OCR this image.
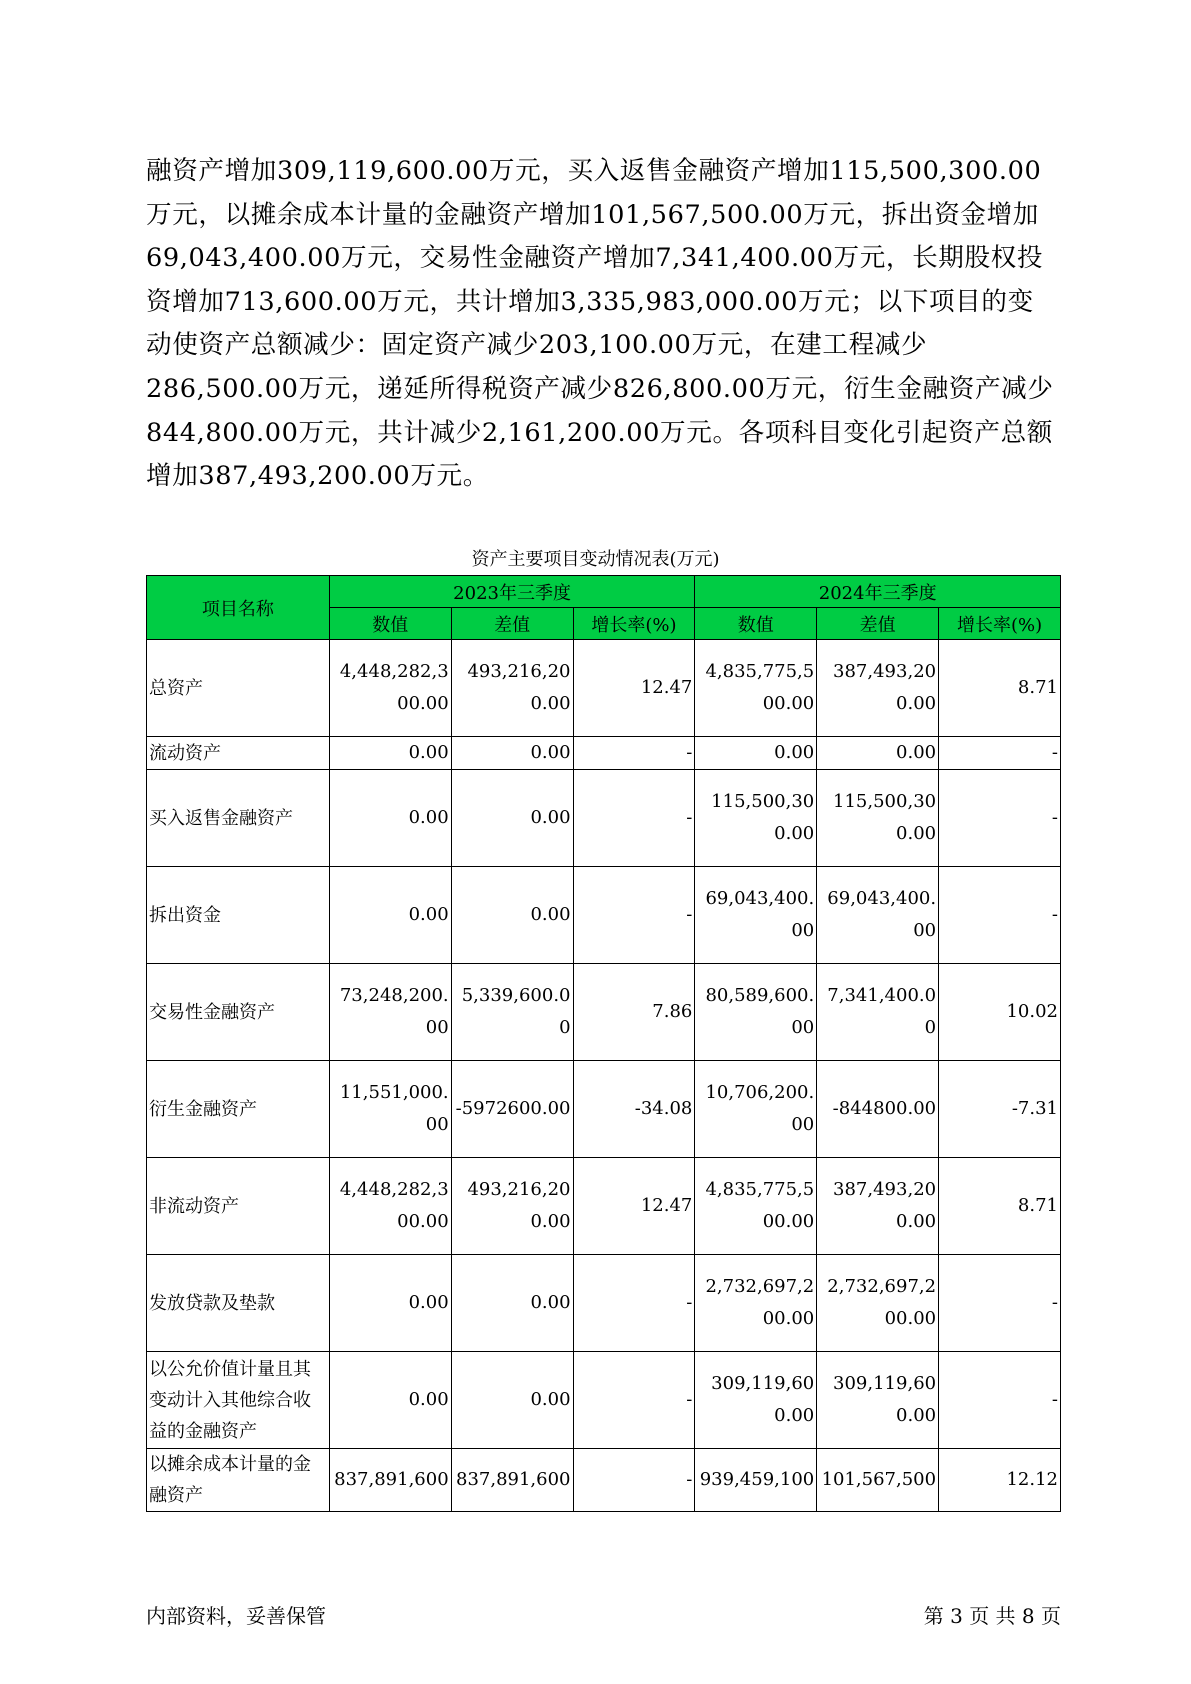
融资产增加309,119,600.00万元，买入返售金融资产增加115,500,300.00万元，以摊余成本计量的金融资产增加101,567,500.00万元，拆出资金增加69,043,400.00万元，交易性金融资产增加7,341,400.00万元，长期股权投资增加713,600.00万元，共计增加3,335,983,000.00万元；以下项目的变动使资产总额减少：固定资产减少203,100.00万元，在建工程减少286,500.00万元，递延所得税资产减少826,800.00万元，衍生金融资产减少844,800.00万元，共计减少2,161,200.00万元。各项科目变化引起资产总额增加387,493,200.00万元。

资产主要项目变动情况表(万元)
项目名称	2023年三季度			2024年三季度		
	数值	差值	增长率(%)	数值	差值	增长率(%)
总资产	4,448,282,300.00	493,216,200.00	12.47	4,835,775,500.00	387,493,200.00	8.71
流动资产	0.00	0.00	-	0.00	0.00	-
买入返售金融资产	0.00	0.00	-	115,500,300.00	115,500,300.00	-
拆出资金	0.00	0.00	-	69,043,400.00	69,043,400.00	-
交易性金融资产	73,248,200.00	5,339,600.00	7.86	80,589,600.00	7,341,400.00	10.02
衍生金融资产	11,551,000.00	-5972600.00	-34.08	10,706,200.00	-844800.00	-7.31
非流动资产	4,448,282,300.00	493,216,200.00	12.47	4,835,775,500.00	387,493,200.00	8.71
发放贷款及垫款	0.00	0.00	-	2,732,697,200.00	2,732,697,200.00	-
以公允价值计量且其变动计入其他综合收益的金融资产	0.00	0.00	-	309,119,600.00	309,119,600.00	-
以摊余成本计量的金融资产	837,891,600	837,891,600	-	939,459,100	101,567,500	12.12
内部资料，妥善保管	第 3 页 共 8 页
